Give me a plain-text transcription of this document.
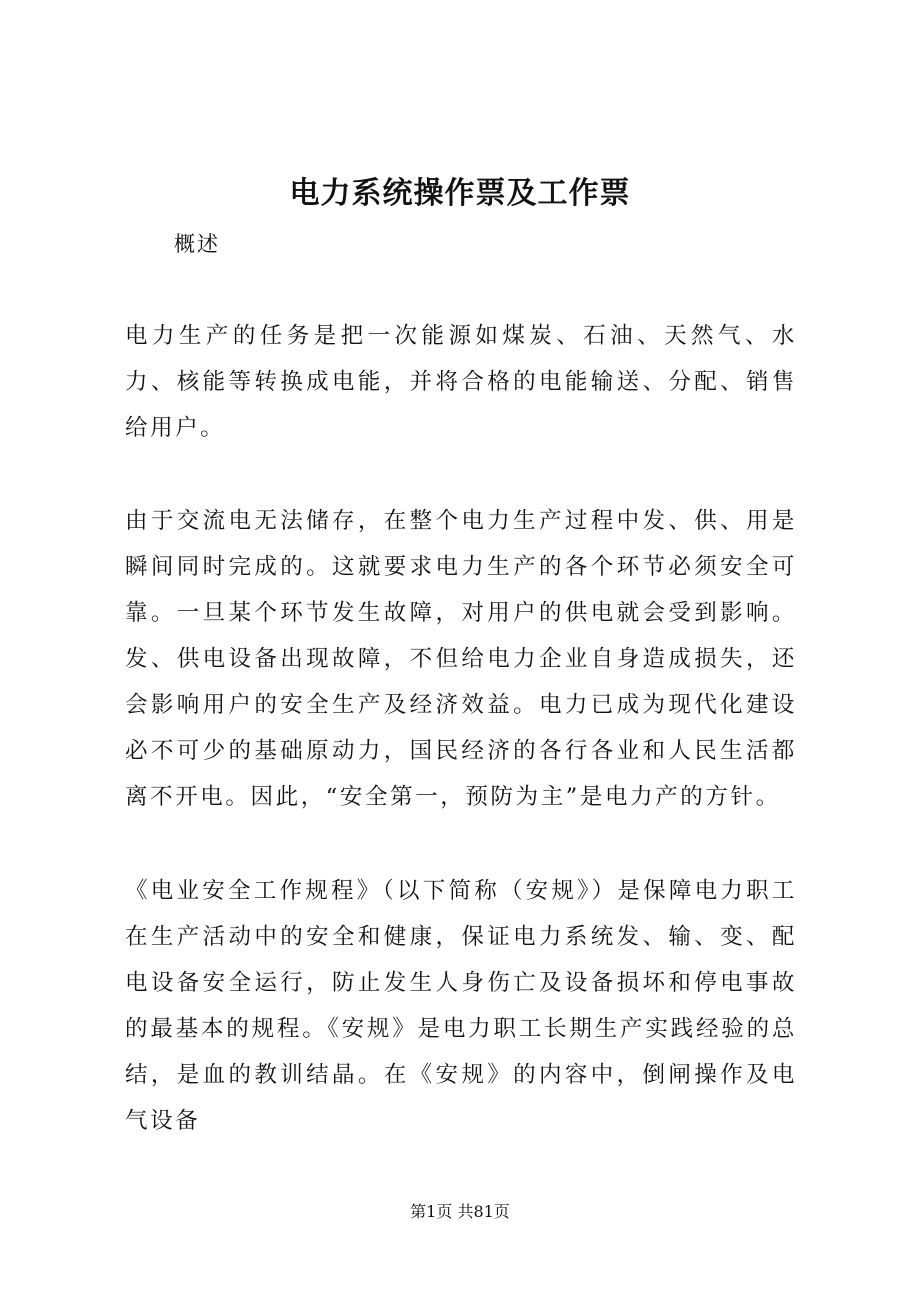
电力系统操作票及工作票
概述

电力生产的任务是把一次能源如煤炭、石油、天然气、水力、核能等转换成电能，并将合格的电能输送、分配、销售给用户。

由于交流电无法储存，在整个电力生产过程中发、供、用是瞬间同时完成的。这就要求电力生产的各个环节必须安全可靠。一旦某个环节发生故障，对用户的供电就会受到影响。发、供电设备出现故障，不但给电力企业自身造成损失，还会影响用户的安全生产及经济效益。电力已成为现代化建设必不可少的基础原动力，国民经济的各行各业和人民生活都离不开电。因此，“安全第一，预防为主”是电力产的方针。

《电业安全工作规程》（以下简称（安规》）是保障电力职工在生产活动中的安全和健康，保证电力系统发、输、变、配电设备安全运行，防止发生人身伤亡及设备损坏和停电事故的最基本的规程。《安规》是电力职工长期生产实践经验的总结，是血的教训结晶。在《安规》的内容中，倒闸操作及电气设备

第1页 共81页
